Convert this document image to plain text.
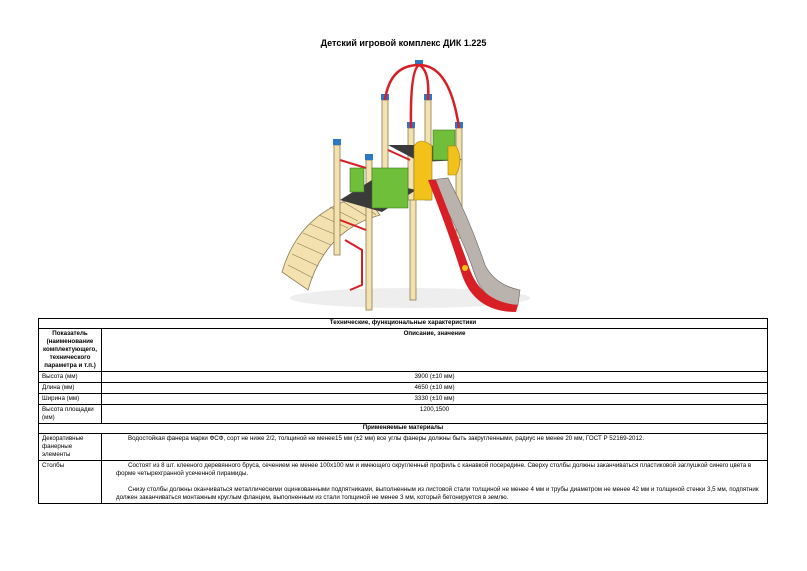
Детский игровой комплекс ДИК 1.225
Технические, функциональные характеристики	
Показатель (наименование комплектующего, технического параметра и т.п.)	Описание, значение
Высота (мм)	3900 (±10 мм)
Длина (мм)	4650 (±10 мм)
Ширина (мм)	3330 (±10 мм)
Высота площадки (мм)	1200,1500
Применяемые материалы	
Декоративные фанерные элементы	Водостойкая фанера марки ФСФ, сорт не ниже 2/2, толщиной не менее15 мм (±2 мм) все углы фанеры должны быть закругленными, радиус не менее 20 мм, ГОСТ Р 52169-2012.

Столбы	Состоят из 8 шт. клееного деревянного бруса, сечением не менее 100х100 мм и имеющего скругленный профиль с канавкой посередине. Сверху столбы должны заканчиваться пластиковой заглушкой синего цвета в форме четырехгранной усеченной пирамиды.
Снизу столбы должны оканчиваться металлическими оцинкованными подпятниками, выполненным из листовой стали толщиной не менее 4 мм и трубы диаметром не менее 42 мм и толщиной стенки 3,5 мм, подпятник должен заканчиваться монтажным круглым фланцем, выполненным из стали толщиной не менее 3 мм, который бетонируется в землю.
